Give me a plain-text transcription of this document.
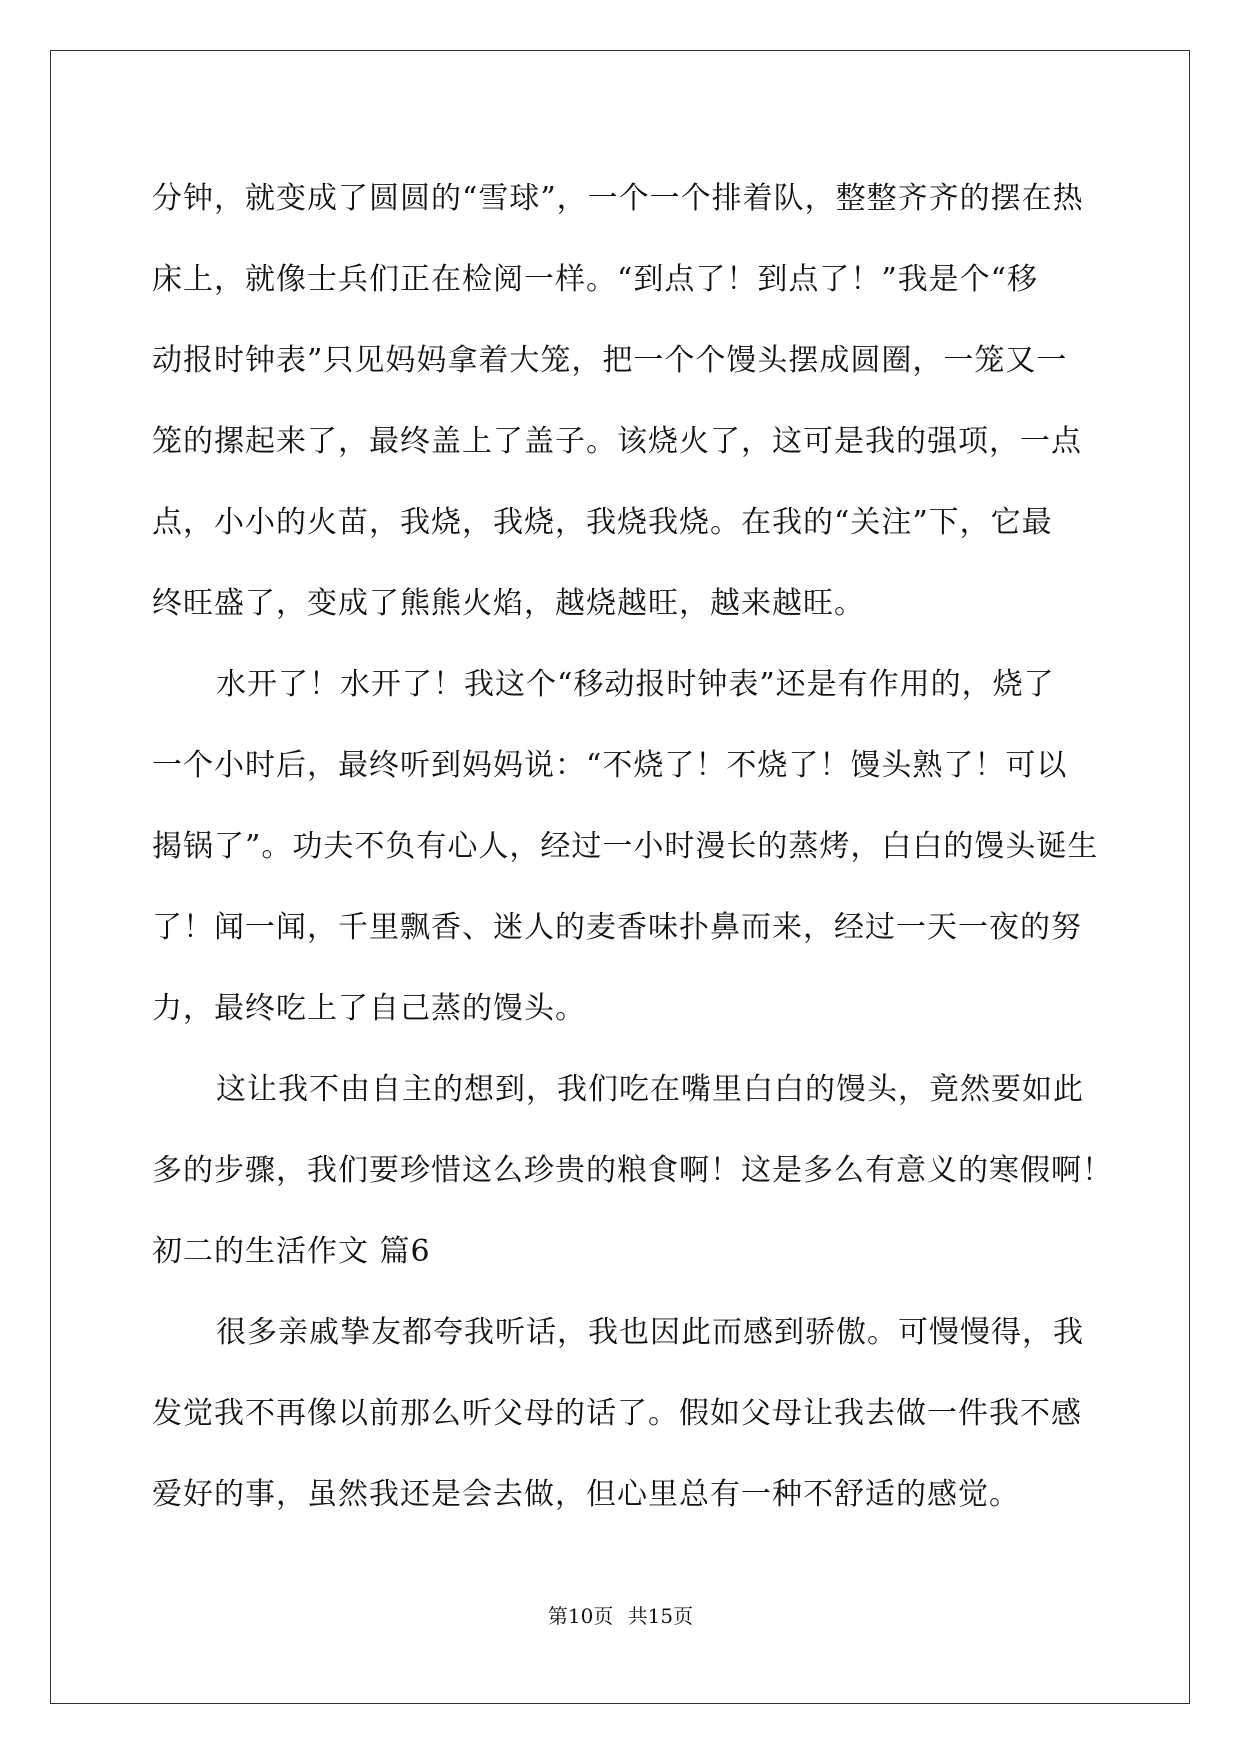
分钟，就变成了圆圆的“雪球”，一个一个排着队，整整齐齐的摆在热
床上，就像士兵们正在检阅一样。“到点了！到点了！”我是个“移
动报时钟表”只见妈妈拿着大笼，把一个个馒头摆成圆圈，一笼又一
笼的摞起来了，最终盖上了盖子。该烧火了，这可是我的强项，一点
点，小小的火苗，我烧，我烧，我烧我烧。在我的“关注”下，它最
终旺盛了，变成了熊熊火焰，越烧越旺，越来越旺。
水开了！水开了！我这个“移动报时钟表”还是有作用的，烧了
一个小时后，最终听到妈妈说：“不烧了！不烧了！馒头熟了！可以
揭锅了”。功夫不负有心人，经过一小时漫长的蒸烤，白白的馒头诞生
了！闻一闻，千里飘香、迷人的麦香味扑鼻而来，经过一天一夜的努
力，最终吃上了自己蒸的馒头。
这让我不由自主的想到，我们吃在嘴里白白的馒头，竟然要如此
多的步骤，我们要珍惜这么珍贵的粮食啊！这是多么有意义的寒假啊！
初二的生活作文 篇6
很多亲戚挚友都夸我听话，我也因此而感到骄傲。可慢慢得，我
发觉我不再像以前那么听父母的话了。假如父母让我去做一件我不感
爱好的事，虽然我还是会去做，但心里总有一种不舒适的感觉。
第10页 共15页
